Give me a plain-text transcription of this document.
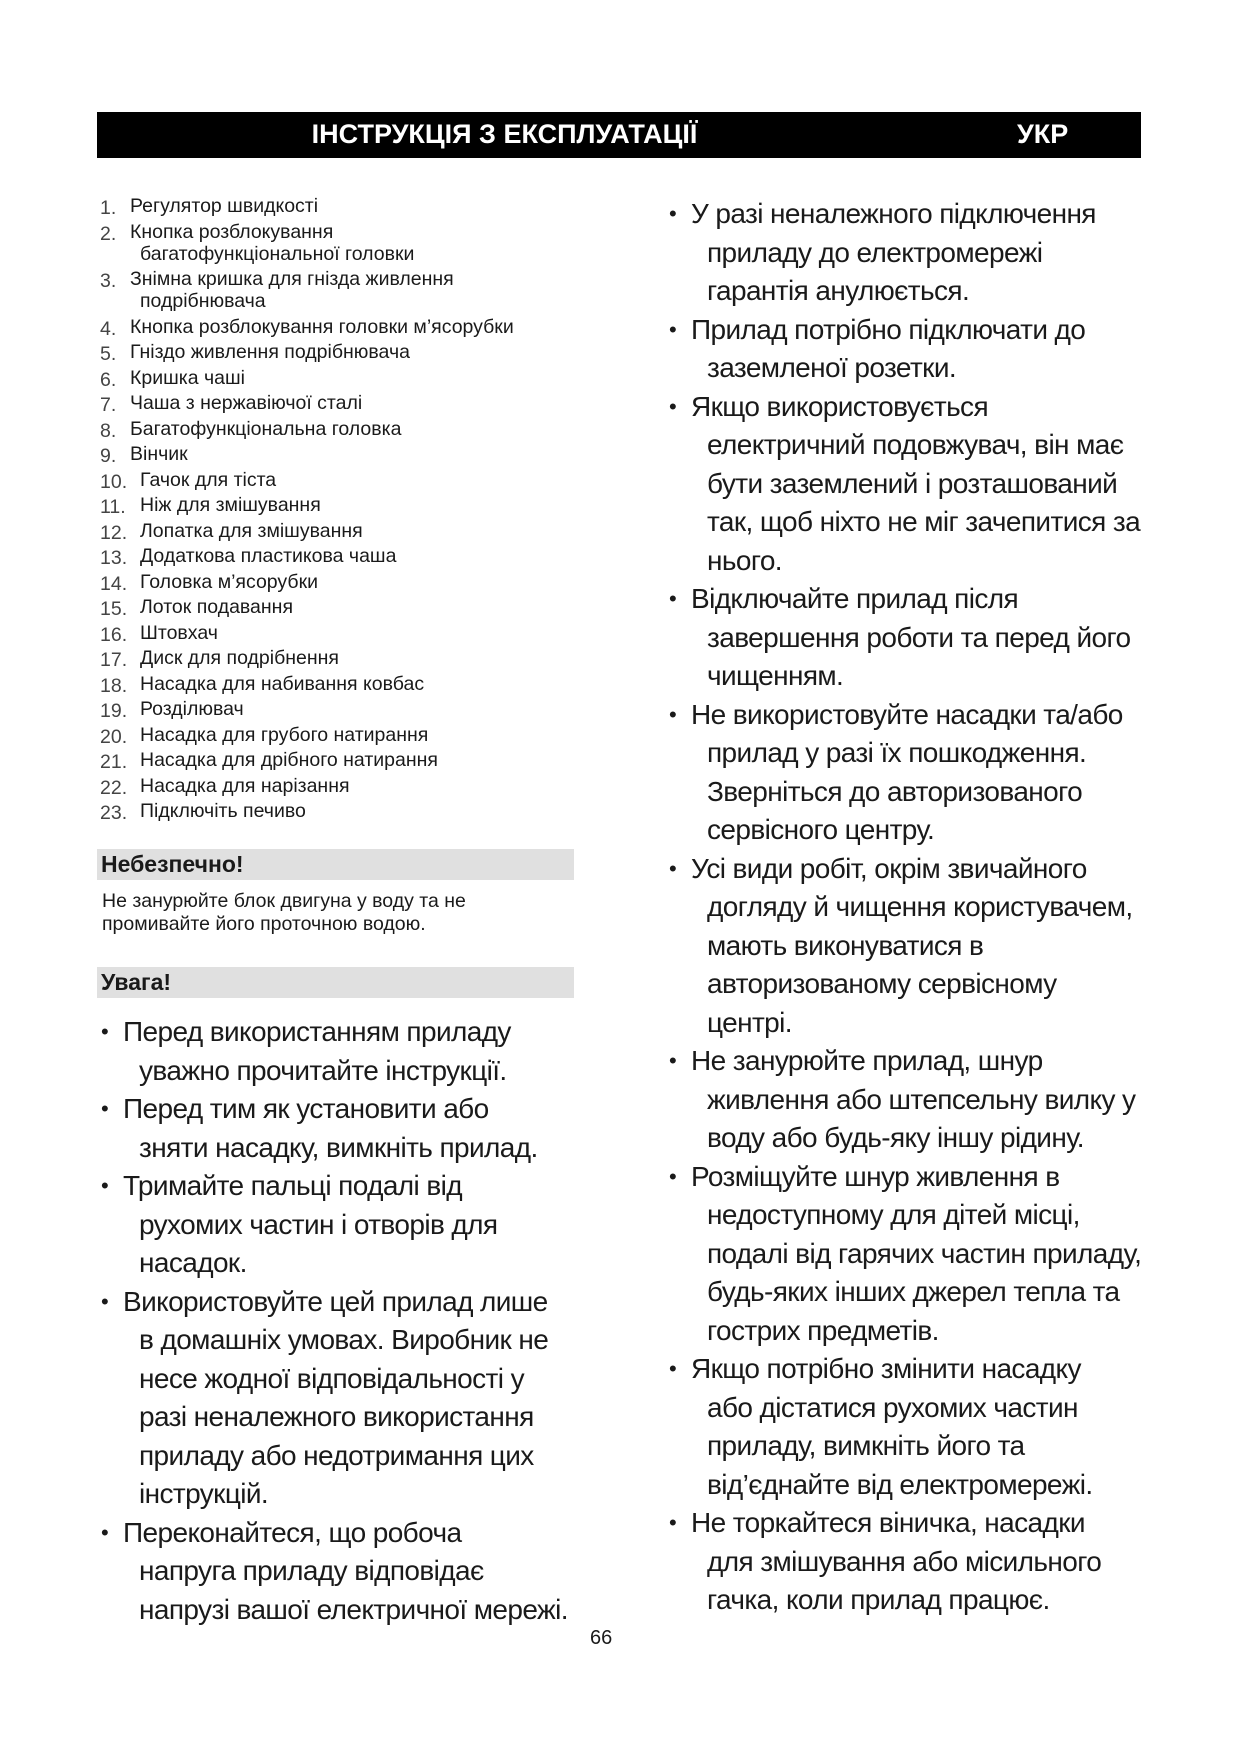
ІНСТРУКЦІЯ З ЕКСПЛУАТАЦІЇ	УКР
1. Регулятор швидкості
2. Кнопка розблокування
багатофункціональної головки
3. Знімна кришка для гнізда живлення
подрібнювача
4. Кнопка розблокування головки м’ясорубки
5. Гніздо живлення подрібнювача
6. Кришка чаші
7. Чаша з нержавіючої сталі
8. Багатофункціональна головка
9. Вінчик
10. Гачок для тіста
11. Ніж для змішування
12. Лопатка для змішування
13. Додаткова пластикова чаша
14. Головка м’ясорубки
15. Лоток подавання
16. Штовхач
17. Диск для подрібнення
18. Насадка для набивання ковбас
19. Розділювач
20. Насадка для грубого натирання
21. Насадка для дрібного натирання
22. Насадка для нарізання
23. Підключіть печиво
Небезпечно!
Не занурюйте блок двигуна у воду та не
промивайте його проточною водою.
Увага!
• Перед використанням приладу
уважно прочитайте інструкції.
• Перед тим як установити або
зняти насадку, вимкніть прилад.
• Тримайте пальці подалі від
рухомих частин і отворів для
насадок.
• Використовуйте цей прилад лише
в домашніх умовах. Виробник не
несе жодної відповідальності у
разі неналежного використання
приладу або недотримання цих
інструкцій.
• Переконайтеся, що робоча
напруга приладу відповідає
напрузі вашої електричної мережі.
• У разі неналежного підключення
приладу до електромережі
гарантія анулюється.
• Прилад потрібно підключати до
заземленої розетки.
• Якщо використовується
електричний подовжувач, він має
бути заземлений і розташований
так, щоб ніхто не міг зачепитися за
нього.
• Відключайте прилад після
завершення роботи та перед його
чищенням.
• Не використовуйте насадки та/або
прилад у разі їх пошкодження.
Зверніться до авторизованого
сервісного центру.
• Усі види робіт, окрім звичайного
догляду й чищення користувачем,
мають виконуватися в
авторизованому сервісному
центрі.
• Не занурюйте прилад, шнур
живлення або штепсельну вилку у
воду або будь-яку іншу рідину.
• Розміщуйте шнур живлення в
недоступному для дітей місці,
подалі від гарячих частин приладу,
будь-яких інших джерел тепла та
гострих предметів.
• Якщо потрібно змінити насадку
або дістатися рухомих частин
приладу, вимкніть його та
від’єднайте від електромережі.
• Не торкайтеся віничка, насадки
для змішування або місильного
гачка, коли прилад працює.
66
